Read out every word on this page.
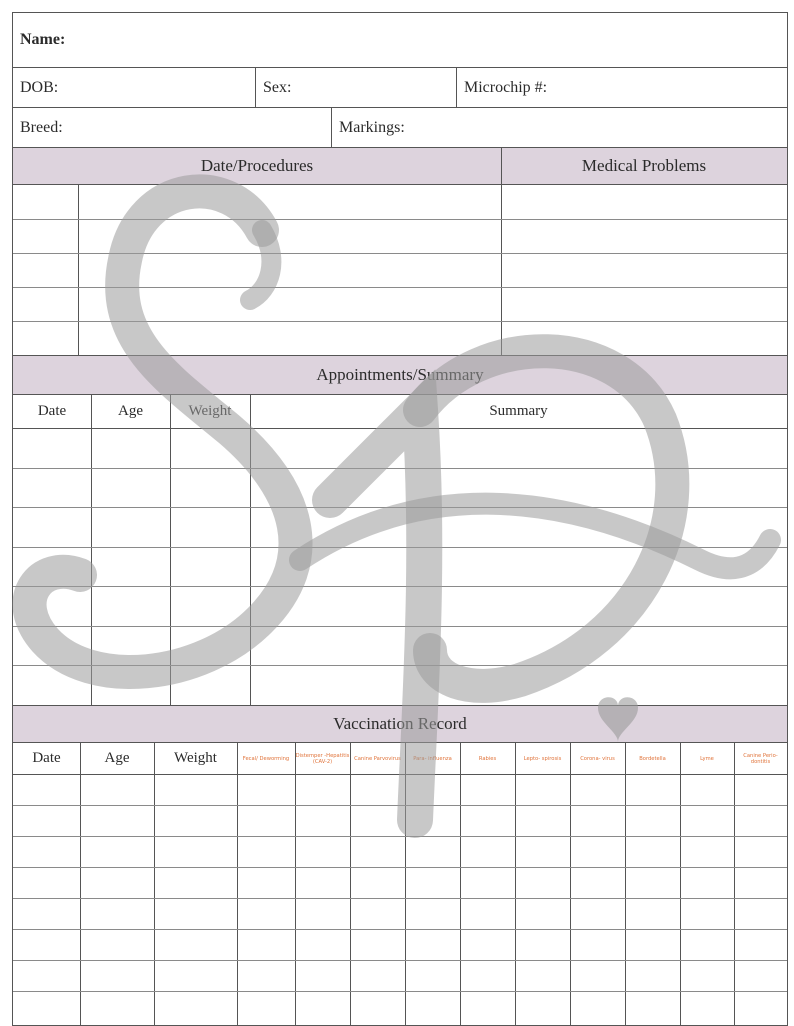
Name:
DOB:	Sex:	Microchip #:
Breed:	Markings:
Date/Procedures	Medical Problems
Appointments/Summary
Date	Age	Weight	Summary
Vaccination Record
Date	Age	Weight	Fecal/ Deworming	Distemper -Hepatitis (CAV-2)	Canine Parvovirus	Para- influenza	Rabies	Lepto- spirosis	Corona- virus	Bordetella	Lyme	Canine Perio- dontitis
